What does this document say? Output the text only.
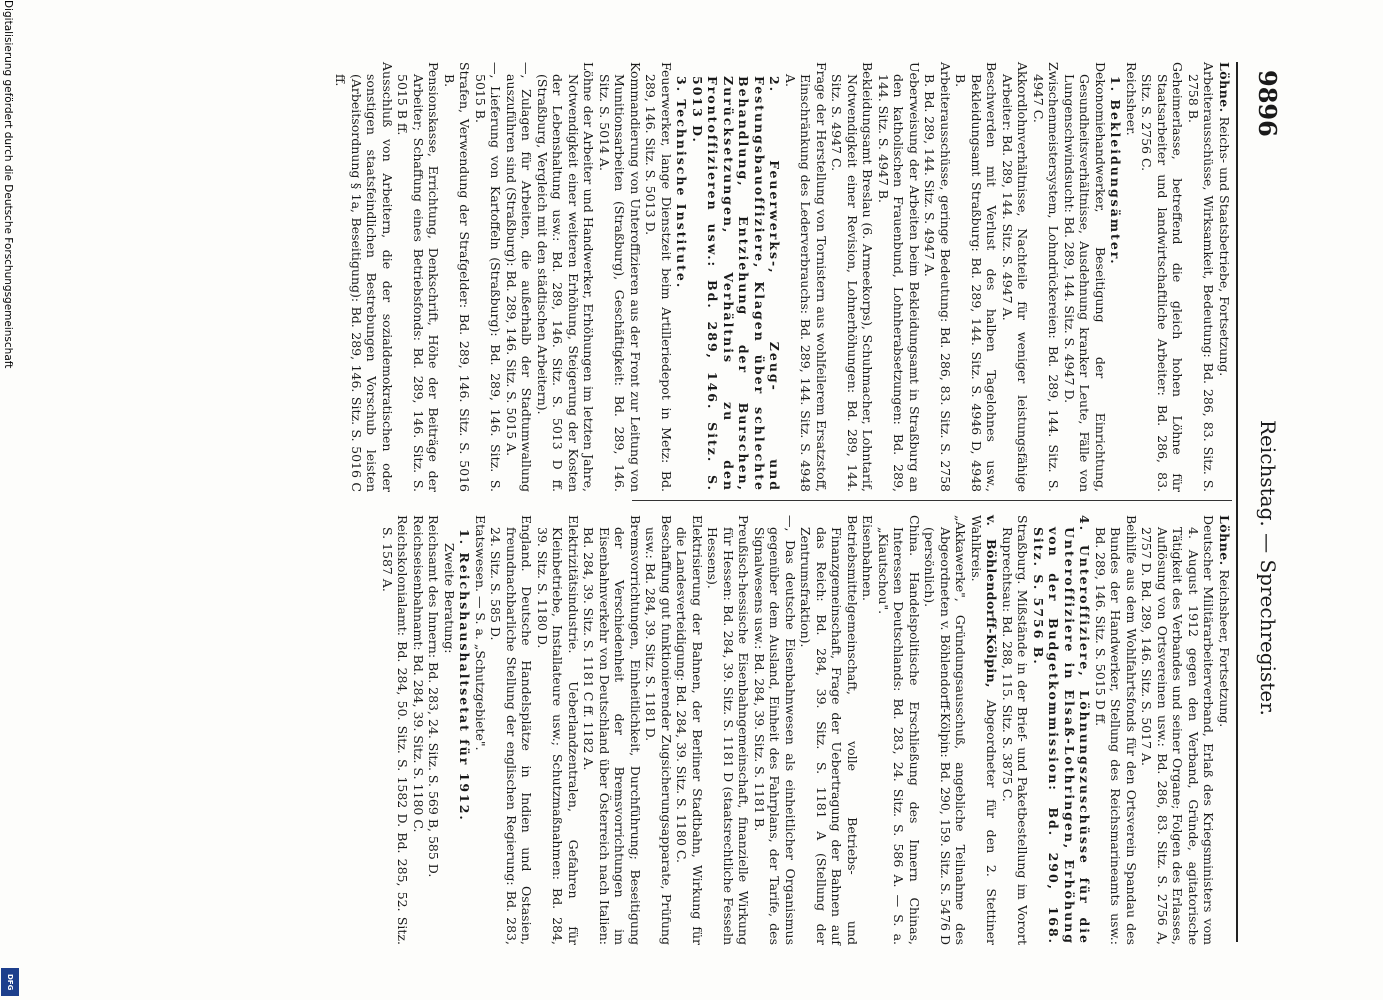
9896
Reichstag. — Sprechregister.
Löhne. Reichs- und Staatsbetriebe, Fortsetzung.
Arbeiterausschüsse, Wirksamkeit, Bedeutung: Bd. 286, 83. Sitz. S. 2758 B.
Geheimerlasse, betreffend die gleich hohen Löhne für Staatsarbeiter und landwirtschaftliche Arbeiter: Bd. 286, 83. Sitz. S. 2756 C.
Reichsheer.
1. Bekleidungsämter.
Dekonomiehandwerker, Beseitigung der Einrichtung, Gesundheitsverhältnisse, Ausdehnung kranker Leute, Fälle von Lungenschwindsucht: Bd. 289, 144. Sitz. S. 4947 D.
Zwischenmeistersystem, Lohndrückereien: Bd. 289, 144. Sitz. S. 4947 C.
Akkordlohnverhältnisse, Nachteile für weniger leistungsfähige Arbeiter: Bd. 289, 144. Sitz. S. 4947 A.
Beschwerden mit Verlust des halben Tagelohnes usw., Bekleidungsamt Straßburg: Bd. 289, 144. Sitz. S. 4946 D, 4948 B.
Arbeiterausschüsse, geringe Bedeutung: Bd. 286, 83. Sitz. S. 2758 B. Bd. 289, 144. Sitz. S. 4947 A.
Ueberweisung der Arbeiten beim Bekleidungsamt in Straßburg an den katholischen Frauenbund, Lohnherabsetzungen: Bd. 289, 144. Sitz. S. 4947 B.
Bekleidungsamt Breslau (6. Armeekorps), Schuhmacher, Lohntarif, Notwendigkeit einer Revision, Lohnerhöhungen: Bd. 289, 144. Sitz. S. 4947 C.
Frage der Herstellung von Tornistern aus wohlfeilerem Ersatzstoff, Einschränkung des Lederverbrauchs: Bd. 289, 144. Sitz. S. 4948 A.
2. Feuerwerks-, Zeug- und Festungsbauoffiziere, Klagen über schlechte Behandlung, Entziehung der Burschen, Zurücksetzungen, Verhältnis zu den Frontoffizieren usw.: Bd. 289, 146. Sitz. S. 5013 D.
3. Technische Institute.
Feuerwerker, lange Dienstzeit beim Artilleriedepot in Metz: Bd. 289, 146. Sitz. S. 5013 D.
Kommandierung von Unteroffizieren aus der Front zur Leitung von Munitionsarbeiten (Straßburg), Geschäftigkeit: Bd. 289, 146. Sitz. S. 5014 A.
Löhne der Arbeiter und Handwerker, Erhöhungen im letzten Jahre, Notwendigkeit einer weiteren Erhöhung, Steigerung der Kosten der Lebenshaltung usw.: Bd. 289, 146. Sitz. S. 5013 D ff. (Straßburg, Vergleich mit den städtischen Arbeitern).
—, Zulagen für Arbeiten, die außerhalb der Stadtumwallung auszuführen sind (Straßburg): Bd. 289, 146. Sitz. S. 5015 A.
—, Lieferung von Kartoffeln (Straßburg): Bd. 289, 146. Sitz. S. 5015 B.
Strafen, Verwendung der Strafgelder: Bd. 289, 146. Sitz. S. 5016 B.
Pensionskasse, Errichtung, Denkschrift, Höhe der Beiträge der Arbeiter; Schaffung eines Betriebsfonds: Bd. 289, 146. Sitz. S. 5015 B ff.
Ausschluß von Arbeitern, die der sozialdemokratischen oder sonstigen staatsfeindlichen Bestrebungen Vorschub leisten (Arbeitsordnung § 1a, Beseitigung): Bd. 289, 146. Sitz. S. 5016 C ff.
Löhne. Reichsheer, Fortsetzung.
Deutscher Militärarbeiterverband, Erlaß des Kriegsministers vom 4. August 1912 gegen den Verband, Gründe, agitatorische Tätigkeit des Verbandes und seiner Organe; Folgen des Erlasses, Auflösung von Ortsvereinen usw.: Bd. 286, 83. Sitz. S. 2756 A, 2757 D. Bd. 289, 146. Sitz. S. 5017 A.
Beihilfe aus dem Wohlfahrtsfonds für den Ortsverein Spandau des Bundes der Handwerker, Stellung des Reichsmarineamts usw.: Bd. 289, 146. Sitz. S. 5015 D ff.
4. Unteroffiziere, Löhnungszuschüsse für die Unteroffiziere in Elsaß-Lothringen, Erhöhung von der Budgetkommission: Bd. 290, 168. Sitz. S. 5756 B.
Straßburg. Mißstände in der Brief- und Paketbestellung im Vorort Ruprechtsau: Bd. 288, 115. Sitz. S. 3875 C.
v. Böhlendorff-Kölpin, Abgeordneter für den 2. Stettiner Wahlkreis.
„Akkawerke", Gründungsausschuß, angebliche Teilnahme des Abgeordneten v. Böhlendorff-Kölpin: Bd. 290, 159. Sitz. S. 5476 D (persönlich).
China. Handelspolitische Erschließung des Innern Chinas, Interessen Deutschlands: Bd. 283, 24. Sitz. S. 586 A. — S. a. „Kiautschou".
Eisenbahnen.
Betriebsmittelgemeinschaft, volle Betriebs- und Finanzgemeinschaft, Frage der Uebertragung der Bahnen auf das Reich: Bd. 284, 39. Sitz. S. 1181 A (Stellung der Zentrumsfraktion).
—, Das deutsche Eisenbahnwesen als einheitlicher Organismus gegenüber dem Ausland, Einheit des Fahrplans, der Tarife, des Signalwesens usw.: Bd. 284, 39. Sitz. S. 1181 B.
Preußisch-hessische Eisenbahngemeinschaft, finanzielle Wirkung für Hessen: Bd. 284, 39. Sitz. S. 1181 D (staatsrechtliche Fesseln Hessens).
Elektrisierung der Bahnen, der Berliner Stadtbahn, Wirkung für die Landesverteidigung: Bd. 284, 39. Sitz. S. 1180 C.
Beschaffung gut funktionierender Zugsicherungsapparate, Prüfung usw.: Bd. 284, 39. Sitz. S. 1181 D.
Bremsvorrichtungen, Einheitlichkeit, Durchführung; Beseitigung der Verschiedenheit der Bremsvorrichtungen im Eisenbahnverkehr von Deutschland über Österreich nach Italien: Bd. 284, 39. Sitz. S. 1181 C ff. 1182 A.
Elektrizitätsindustrie. Ueberlandzentralen, Gefahren für Kleinbetriebe, Installateure usw.; Schutzmaßnahmen: Bd. 284, 39. Sitz. S. 1180 D.
England. Deutsche Handelsplätze in Indien und Ostasien, freundnachbarliche Stellung der englischen Regierung: Bd. 283, 24. Sitz. S. 585 D.
Etatswesen. — S. a. „Schutzgebiete".
1. Reichshaushaltsetat für 1912.
Zweite Beratung:
Reichsamt des Innern: Bd. 283, 24. Sitz. S. 569 B, 585 D.
Reichseisenbahnamt: Bd. 284, 39. Sitz. S. 1180 C.
Reichskolonialamt: Bd. 284, 50. Sitz. S. 1582 D. Bd. 285, 52. Sitz. S. 1587 A.
Digitalisierung gefördert durch die Deutsche Forschungsgemeinschaft
DFG
